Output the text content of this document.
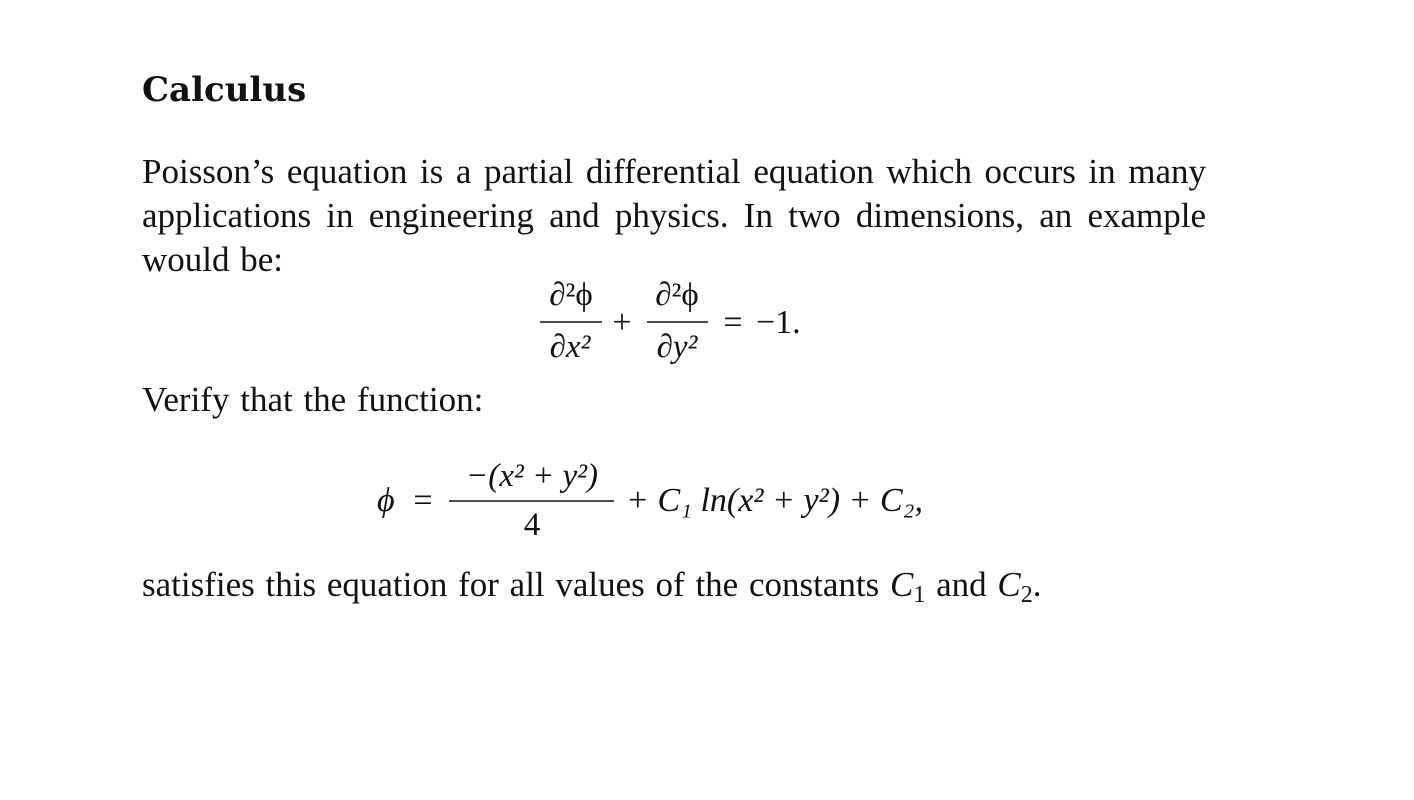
Calculus

Poisson’s equation is a partial differential equation which occurs in many applications in engineering and physics. In two dimensions, an example would be:

∂²ϕ
∂x²
+
∂²ϕ
∂y²
= −1.

Verify that the function:

ϕ =
−(x² + y²)
4
+ C₁ ln(x² + y²) + C₂,

satisfies this equation for all values of the constants $C_1$ and $C_2$.
